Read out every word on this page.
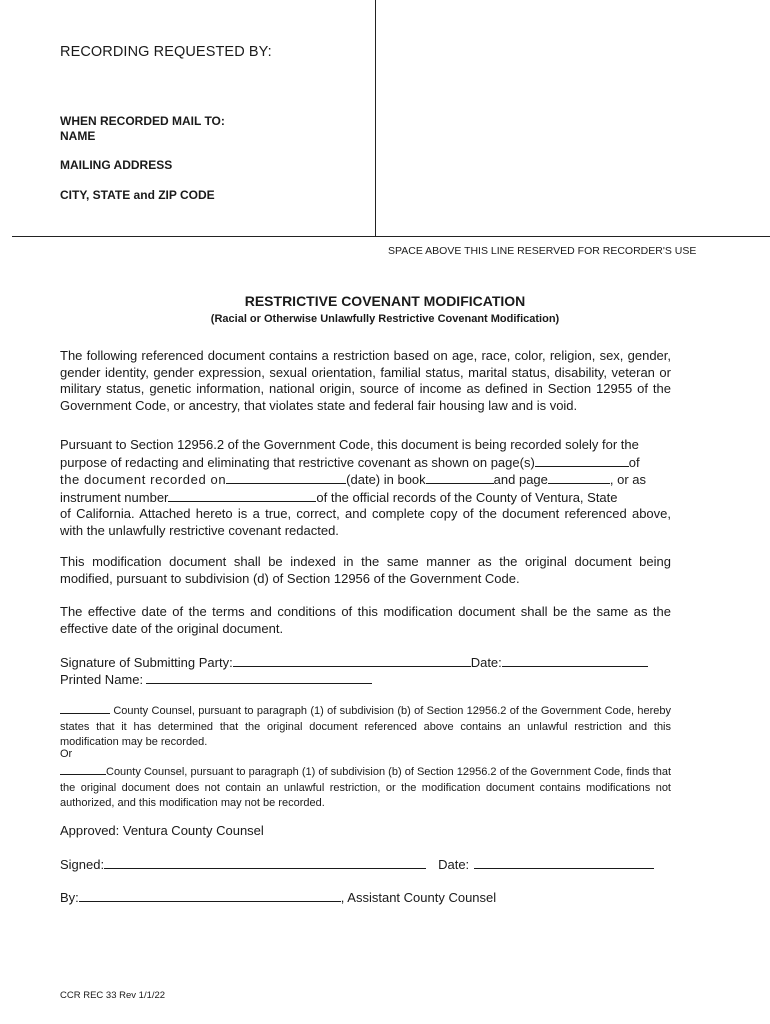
RECORDING REQUESTED BY:
WHEN RECORDED MAIL TO:
NAME
MAILING ADDRESS
CITY, STATE and ZIP CODE
SPACE ABOVE THIS LINE RESERVED FOR RECORDER'S USE
RESTRICTIVE COVENANT MODIFICATION
(Racial or Otherwise Unlawfully Restrictive Covenant Modification)
The following referenced document contains a restriction based on age, race, color, religion, sex, gender, gender identity, gender expression, sexual orientation, familial status, marital status, disability, veteran or military status, genetic information, national origin, source of income as defined in Section 12955 of the Government Code, or ancestry, that violates state and federal fair housing law and is void.
Pursuant to Section 12956.2 of the Government Code, this document is being recorded solely for the
purpose of redacting and eliminating that restrictive covenant as shown on page(s)	of
the document recorded on	(date) in book	and page	, or as
instrument number	of the official records of the County of Ventura, State
of California. Attached hereto is a true, correct, and complete copy of the document referenced above, with the unlawfully restrictive covenant redacted.
This modification document shall be indexed in the same manner as the original document being modified, pursuant to subdivision (d) of Section 12956 of the Government Code.
The effective date of the terms and conditions of this modification document shall be the same as the effective date of the original document.
Signature of Submitting Party:	Date:
Printed Name:
County Counsel, pursuant to paragraph (1) of subdivision (b) of Section 12956.2 of the Government Code, hereby states that it has determined that the original document referenced above contains an unlawful restriction and this modification may be recorded.
Or
County Counsel, pursuant to paragraph (1) of subdivision (b) of Section 12956.2 of the Government Code, finds that the original document does not contain an unlawful restriction, or the modification document contains modifications not authorized, and this modification may not be recorded.
Approved: Ventura County Counsel
Signed:	Date:
By:	, Assistant County Counsel
CCR REC 33 Rev 1/1/22
